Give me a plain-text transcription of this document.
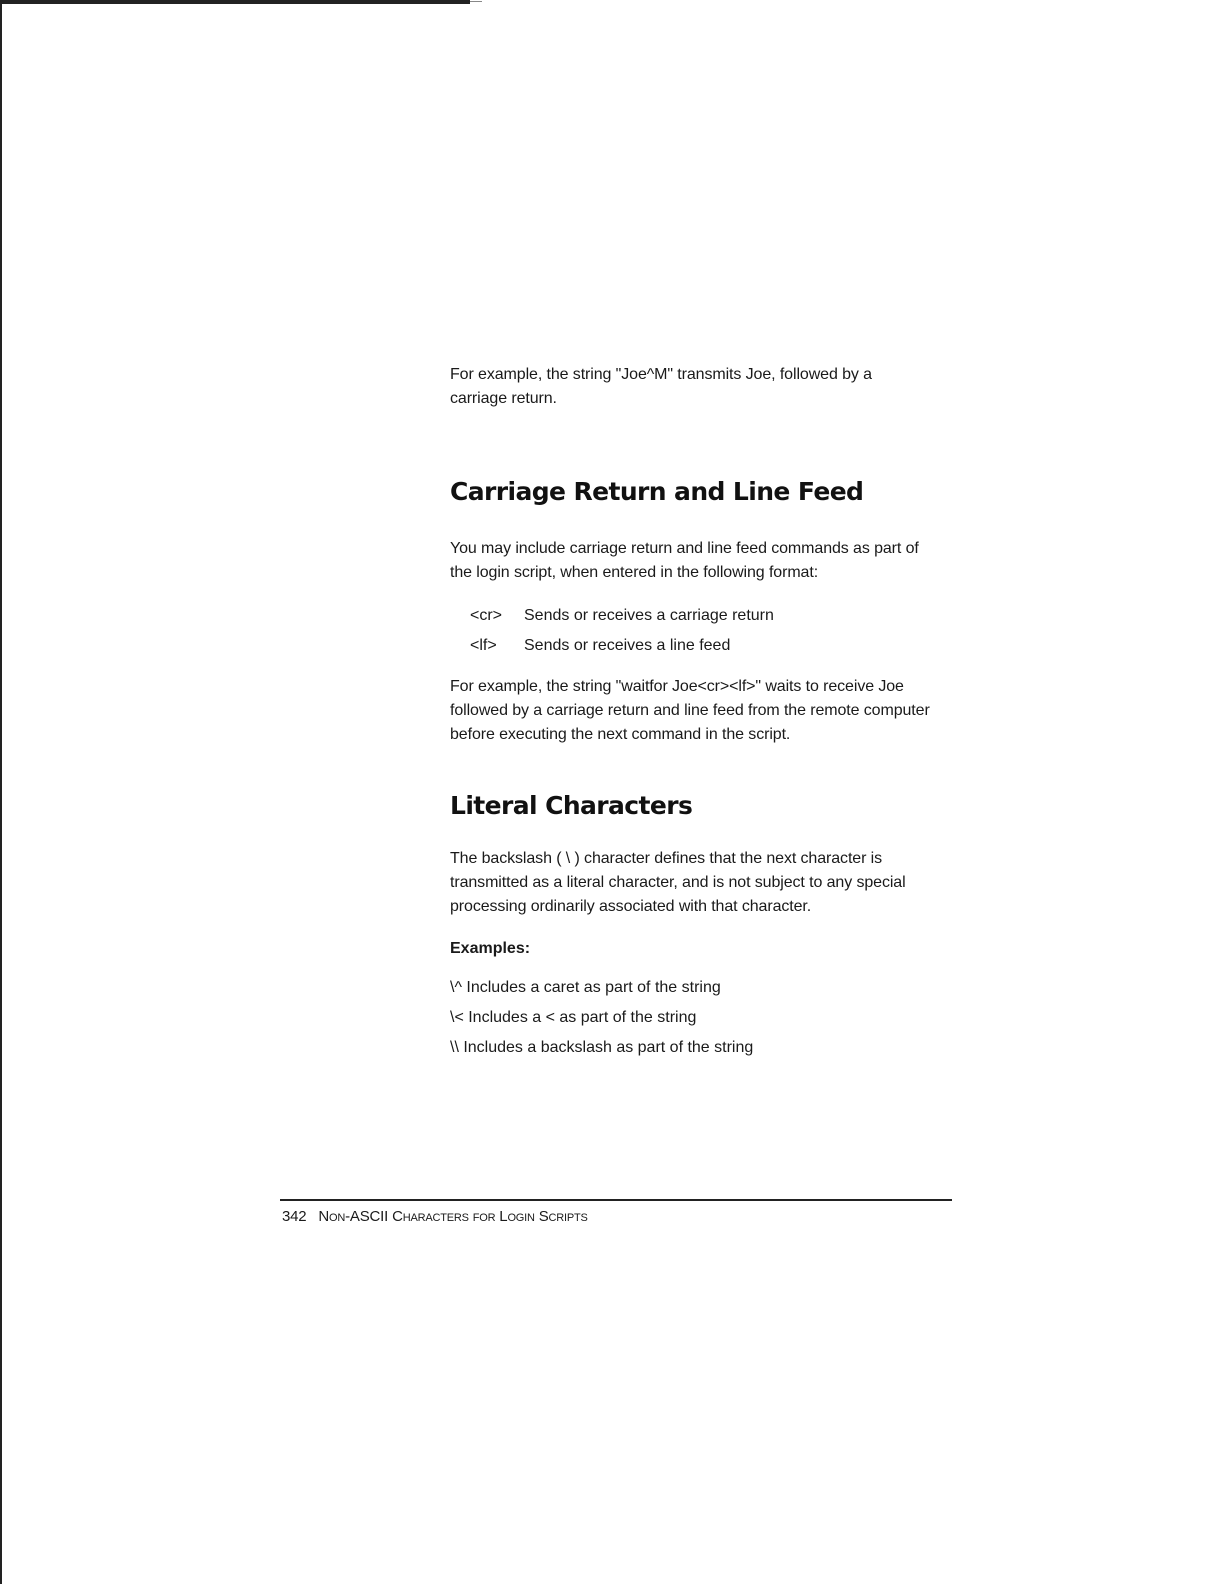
For example, the string "Joe^M" transmits Joe, followed by a carriage return.

Carriage Return and Line Feed

You may include carriage return and line feed commands as part of the login script, when entered in the following format:

<cr>	Sends or receives a carriage return
<lf>	Sends or receives a line feed

For example, the string "waitfor Joe<cr><lf>" waits to receive Joe followed by a carriage return and line feed from the remote computer before executing the next command in the script.

Literal Characters

The backslash ( \ ) character defines that the next character is transmitted as a literal character, and is not subject to any special processing ordinarily associated with that character.

Examples:

\^ Includes a caret as part of the string
\< Includes a < as part of the string
\\ Includes a backslash as part of the string
342 Non-ASCII Characters for Login Scripts
